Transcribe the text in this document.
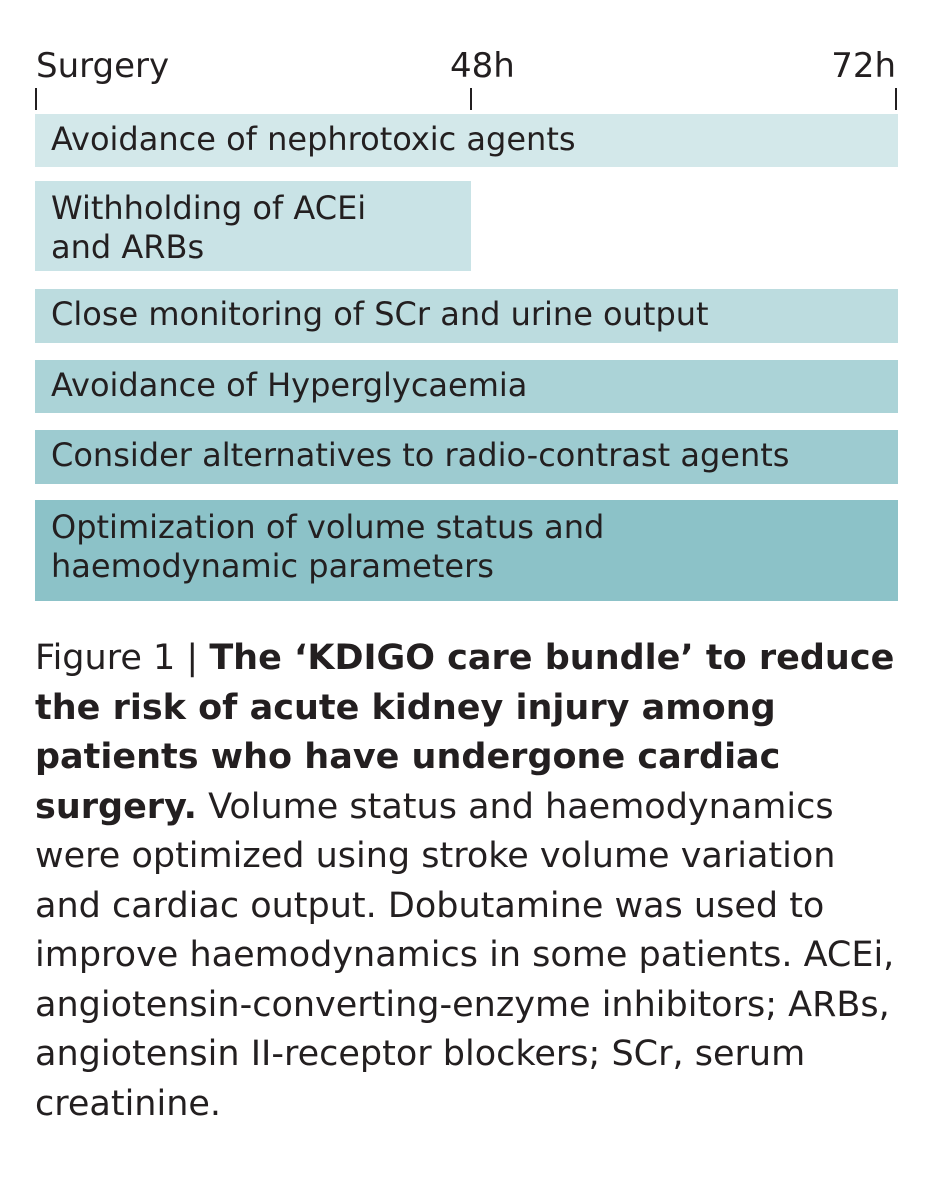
Surgery	48h	72h
Avoidance of nephrotoxic agents
Withholding of ACEi
and ARBs
Close monitoring of SCr and urine output
Avoidance of Hyperglycaemia
Consider alternatives to radio-contrast agents
Optimization of volume status and
haemodynamic parameters
Figure 1 | The ‘KDIGO care bundle’ to reduce the risk of acute kidney injury among patients who have undergone cardiac surgery. Volume status and haemodynamics were optimized using stroke volume variation and cardiac output. Dobutamine was used to improve haemodynamics in some patients. ACEi, angiotensin-converting-enzyme inhibitors; ARBs, angiotensin II-receptor blockers; SCr, serum creatinine.
